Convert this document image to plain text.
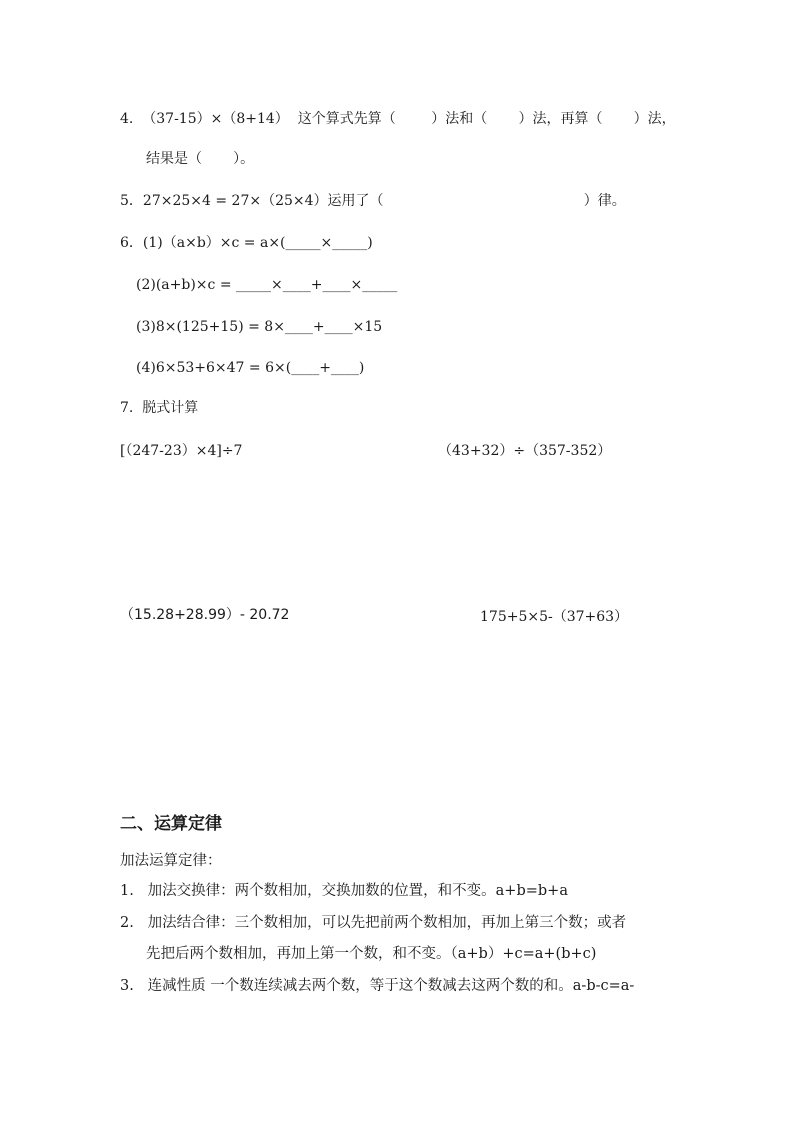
4.  （37-15）×（8+14）  这个算式先算（        ）法和（       ）法，再算（       ）法，
结果是（       ）。
5．27×25×4 = 27×（25×4）运用了（                                             ）律。
6．(1)（a×b）×c = a×(_____×_____)
(2)(a+b)×c = _____×____+____×_____
(3)8×(125+15) = 8×____+____×15
(4)6×53+6×47 = 6×(____+____)
7.  脱式计算
[（247-23）×4]÷7	（43+32）÷（357-352）
（15.28+28.99）- 20.72	175+5×5-（37+63）
二、运算定律
加法运算定律：
1.   加法交换律：两个数相加，交换加数的位置，和不变。a+b=b+a
2.   加法结合律：三个数相加，可以先把前两个数相加，再加上第三个数；或者
先把后两个数相加，再加上第一个数，和不变。（a+b）+c=a+(b+c)
3.   连减性质 一个数连续减去两个数，等于这个数减去这两个数的和。a-b-c=a-
